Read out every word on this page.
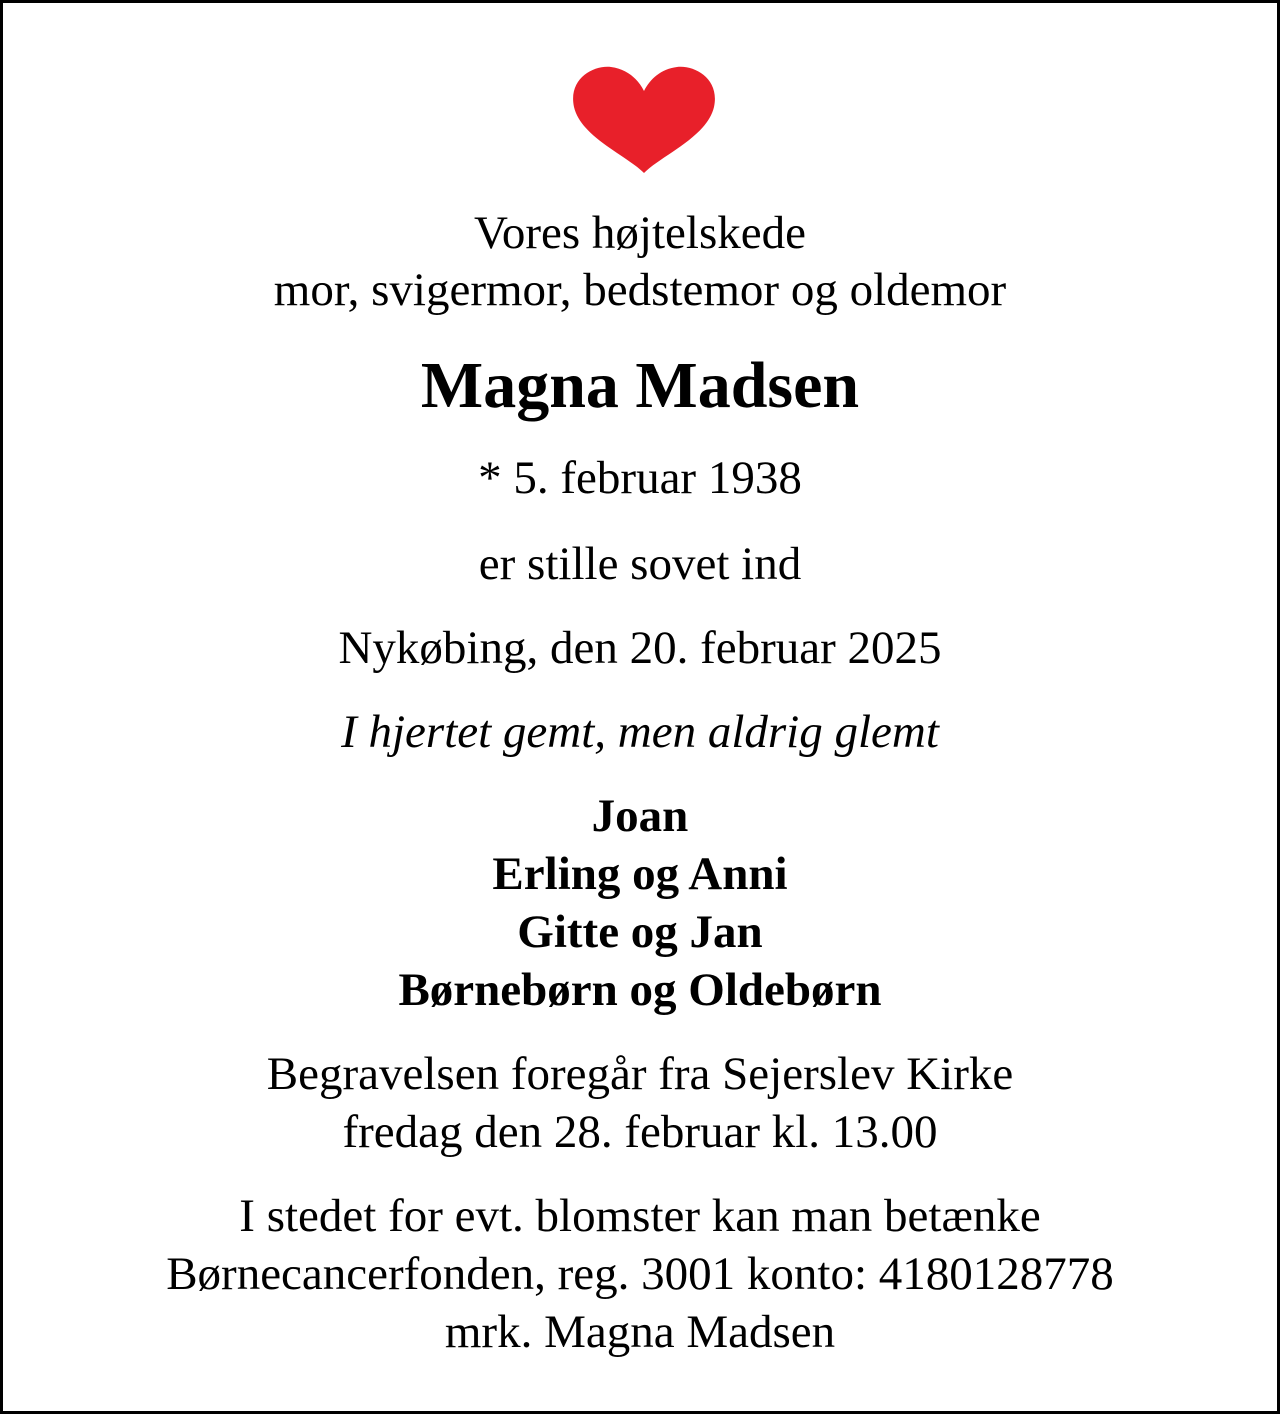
Vores højtelskede
mor, svigermor, bedstemor og oldemor
Magna Madsen
* 5. februar 1938
er stille sovet ind
Nykøbing, den 20. februar 2025
I hjertet gemt, men aldrig glemt
Joan
Erling og Anni
Gitte og Jan
Børnebørn og Oldebørn
Begravelsen foregår fra Sejerslev Kirke
fredag den 28. februar kl. 13.00
I stedet for evt. blomster kan man betænke
Børnecancerfonden, reg. 3001 konto: 4180128778
mrk. Magna Madsen
